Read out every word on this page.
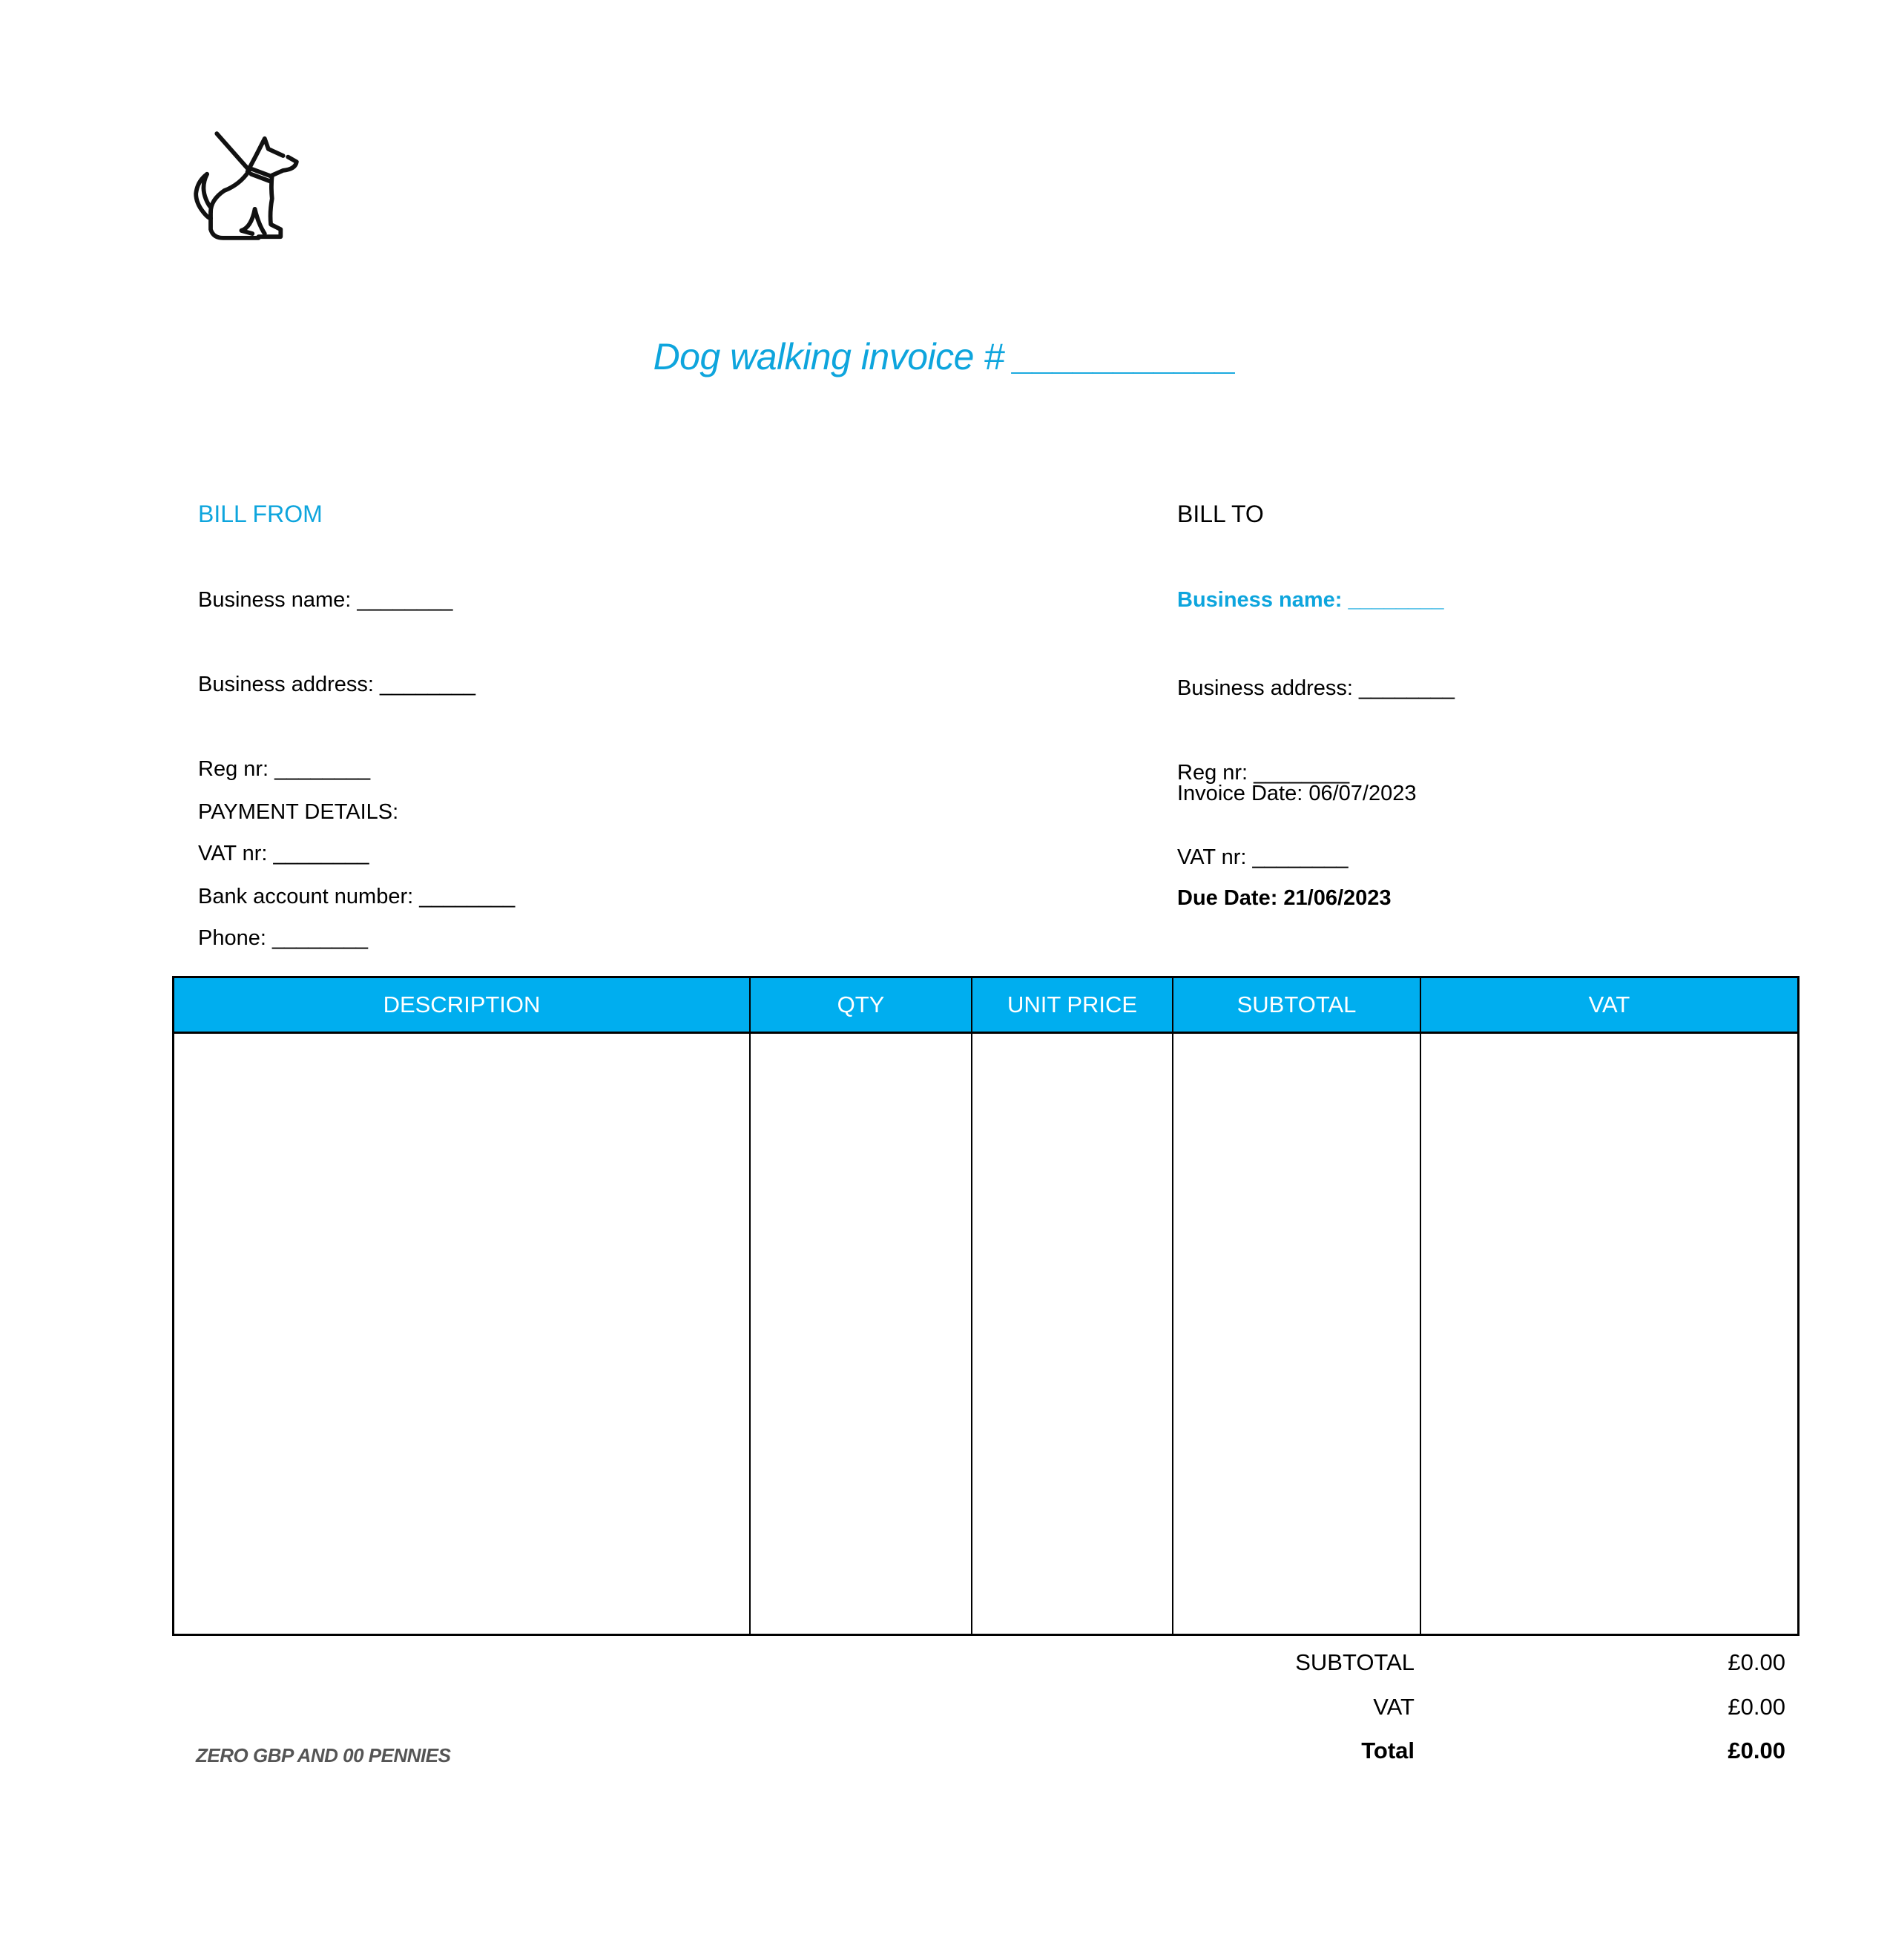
Dog walking invoice # ___________

BILL FROM

Business name: ________

Business address: ________

Reg nr: ________

VAT nr: ________

Phone: ________

BILL TO

Business name: ________

Business address: ________

Reg nr: ________

VAT nr: ________

PAYMENT DETAILS:

Bank account number: ________

Invoice Date: 06/07/2023

Due Date: 21/06/2023

DESCRIPTION	QTY	UNIT PRICE	SUBTOTAL	VAT
ZERO GBP AND 00 PENNIES
SUBTOTAL	£0.00
VAT	£0.00
Total	£0.00
